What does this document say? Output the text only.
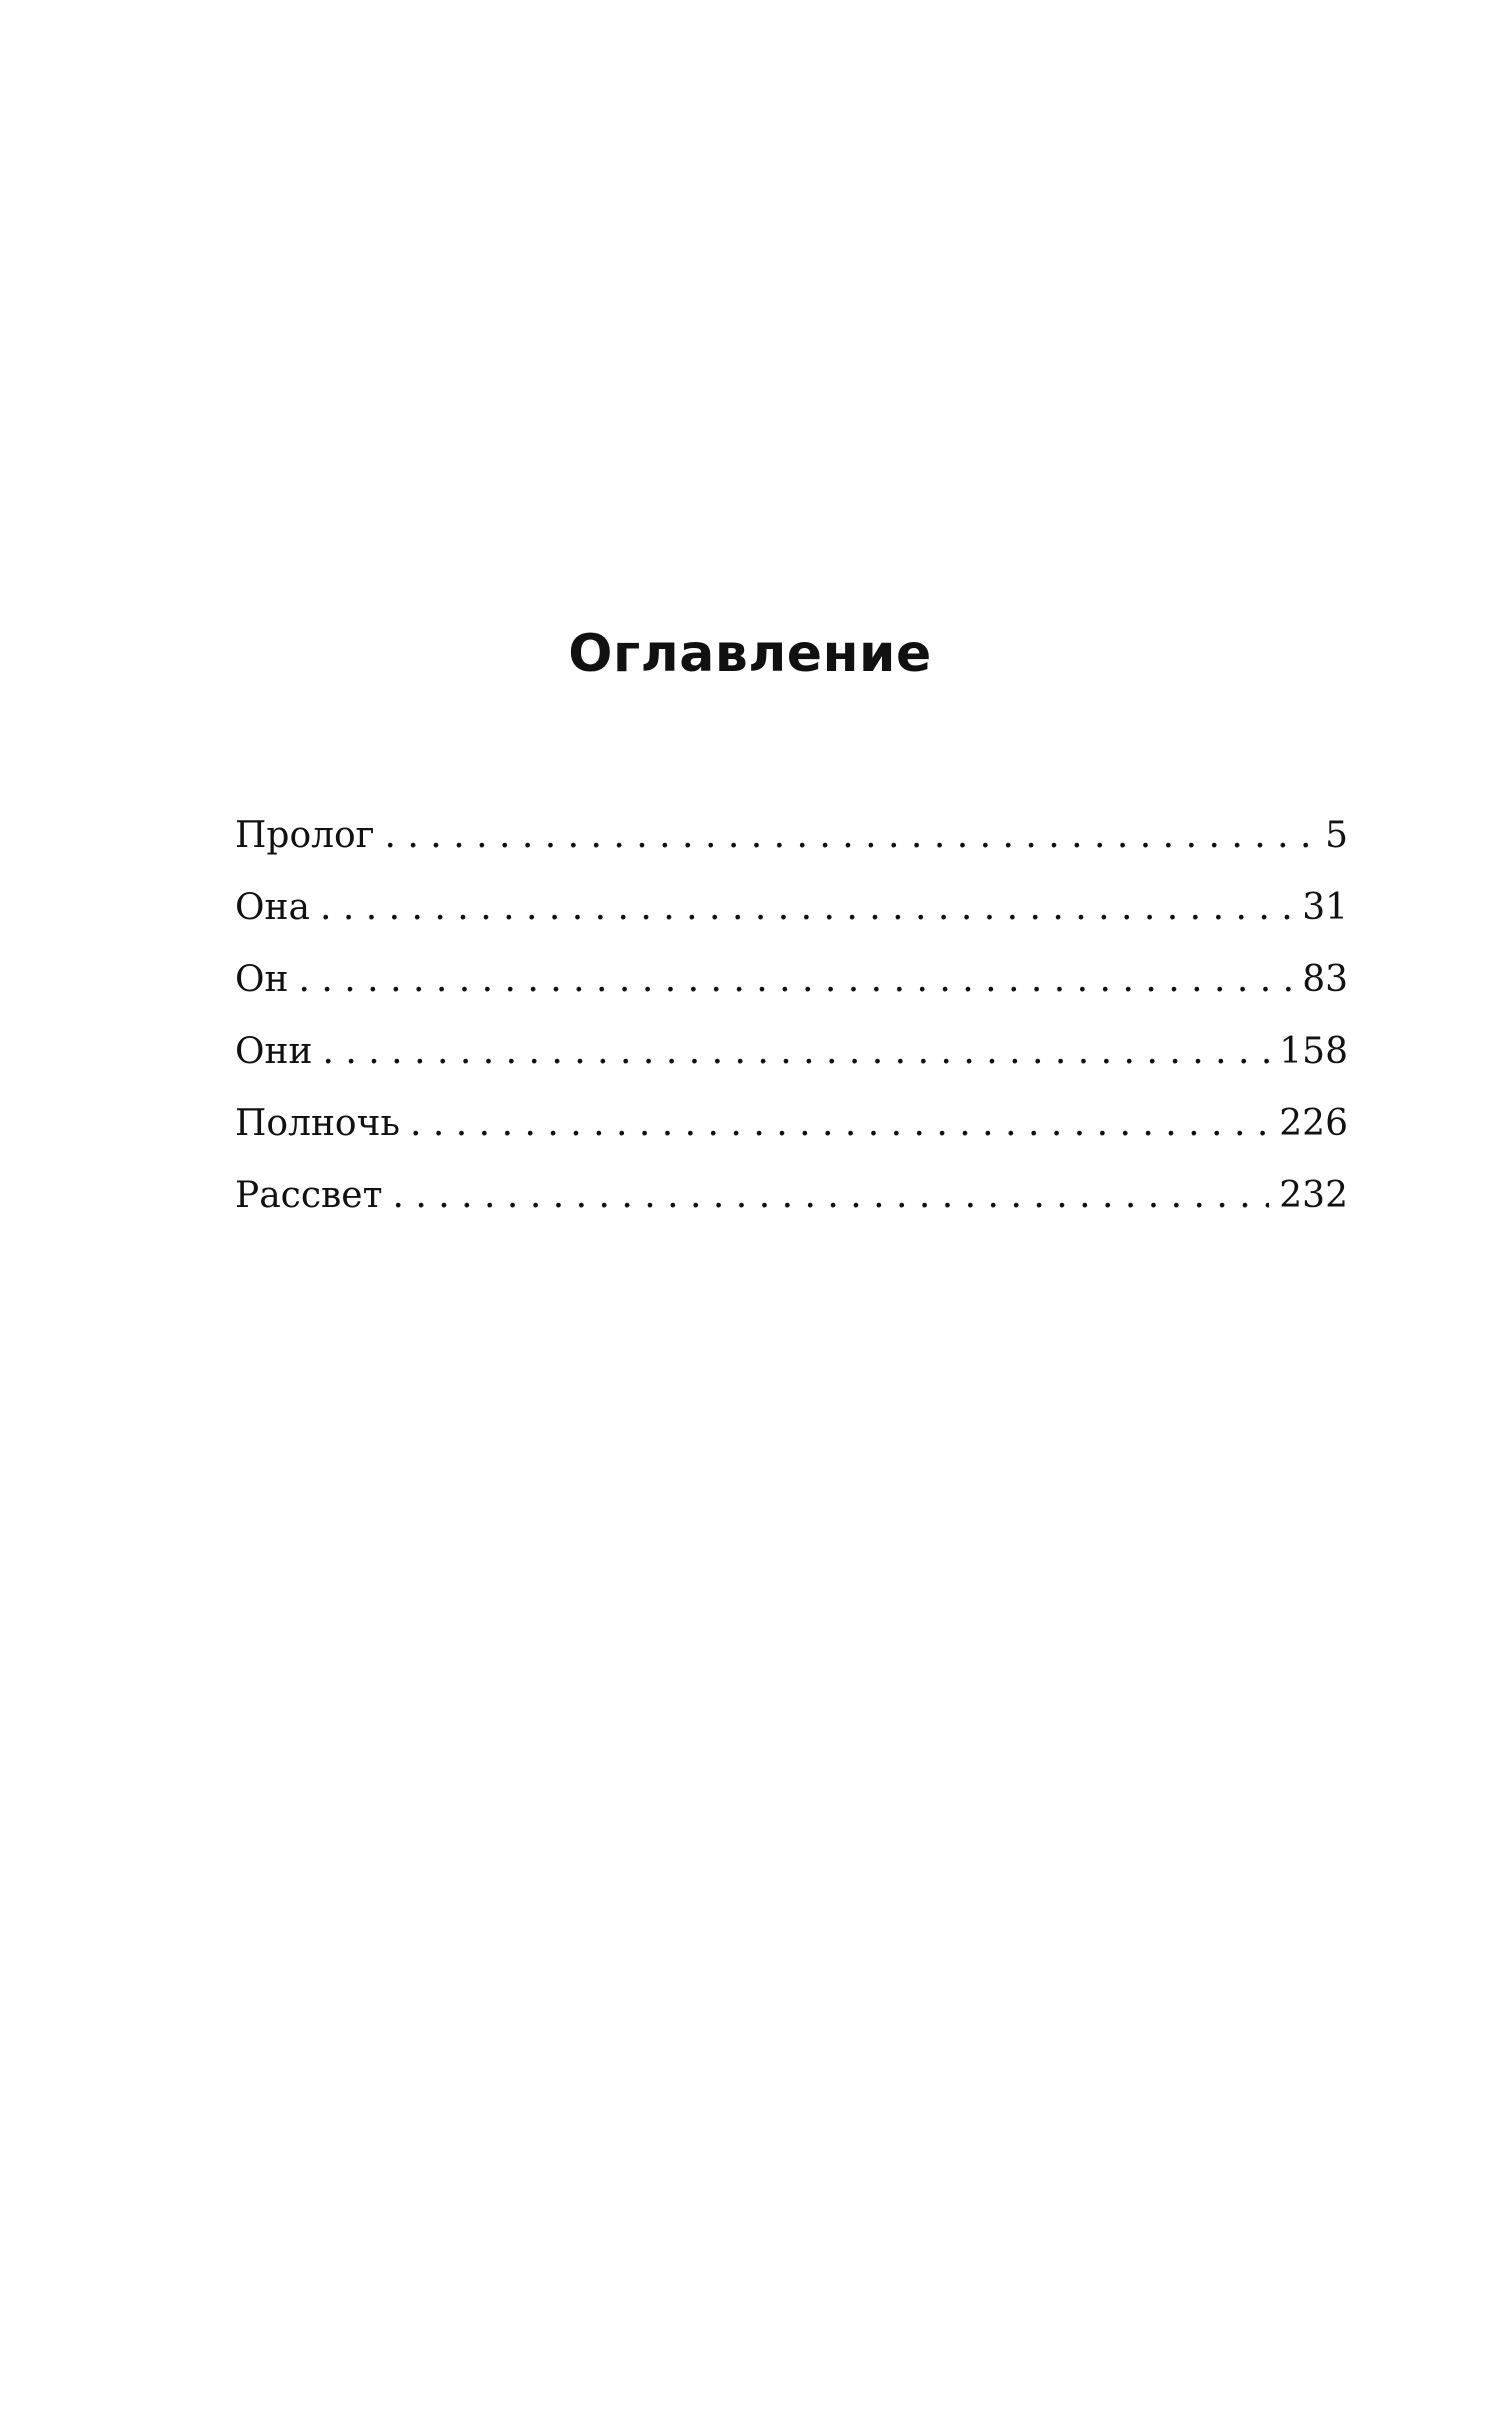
Оглавление
Пролог . . .	5
Она . . .	31
Он . . .	83
Они . . .	158
Полночь . . .	226
Рассвет . . .	232
